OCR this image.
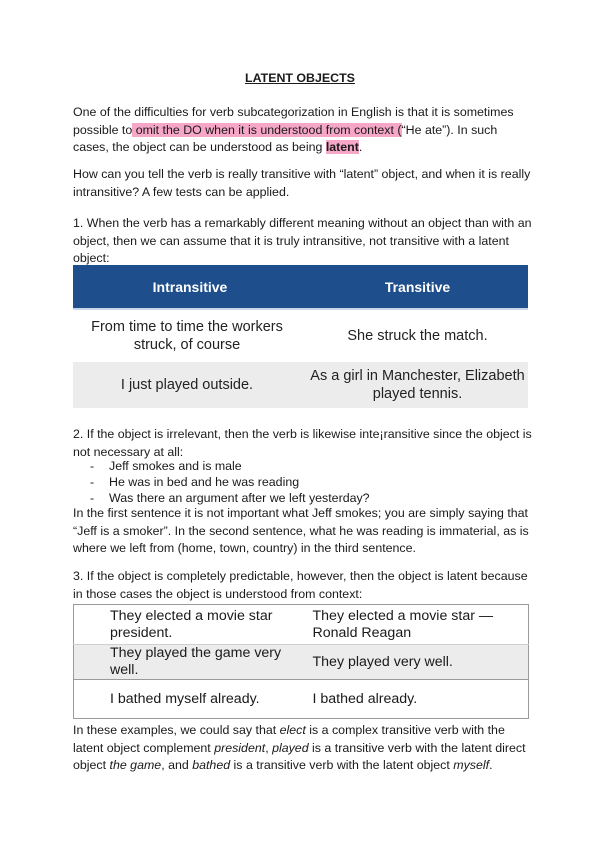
LATENT OBJECTS

One of the difficulties for verb subcategorization in English is that it is sometimes possible to omit the DO when it is understood from context (“He ate”). In such cases, the object can be understood as being latent.

How can you tell the verb is really transitive with “latent” object, and when it is really intransitive? A few tests can be applied.

1. When the verb has a remarkably different meaning without an object than with an object, then we can assume that it is truly intransitive, not transitive with a latent object:

Intransitive	Transitive
From time to time the workers struck, of course	She struck the match.
I just played outside.	As a girl in Manchester, Elizabeth played tennis.

2. If the object is irrelevant, then the verb is likewise inte¡ransitive since the object is not necessary at all:

- Jeff smokes and is male
- He was in bed and he was reading
- Was there an argument after we left yesterday?

In the first sentence it is not important what Jeff smokes; you are simply saying that “Jeff is a smoker”. In the second sentence, what he was reading is immaterial, as is where we left from (home, town, country) in the third sentence.

3. If the object is completely predictable, however, then the object is latent because in those cases the object is understood from context:

They elected a movie star president.	They elected a movie star — Ronald Reagan
They played the game very well.	They played very well.
I bathed myself already.	I bathed already.

In these examples, we could say that elect is a complex transitive verb with the latent object complement president, played is a transitive verb with the latent direct object the game, and bathed is a transitive verb with the latent object myself.
